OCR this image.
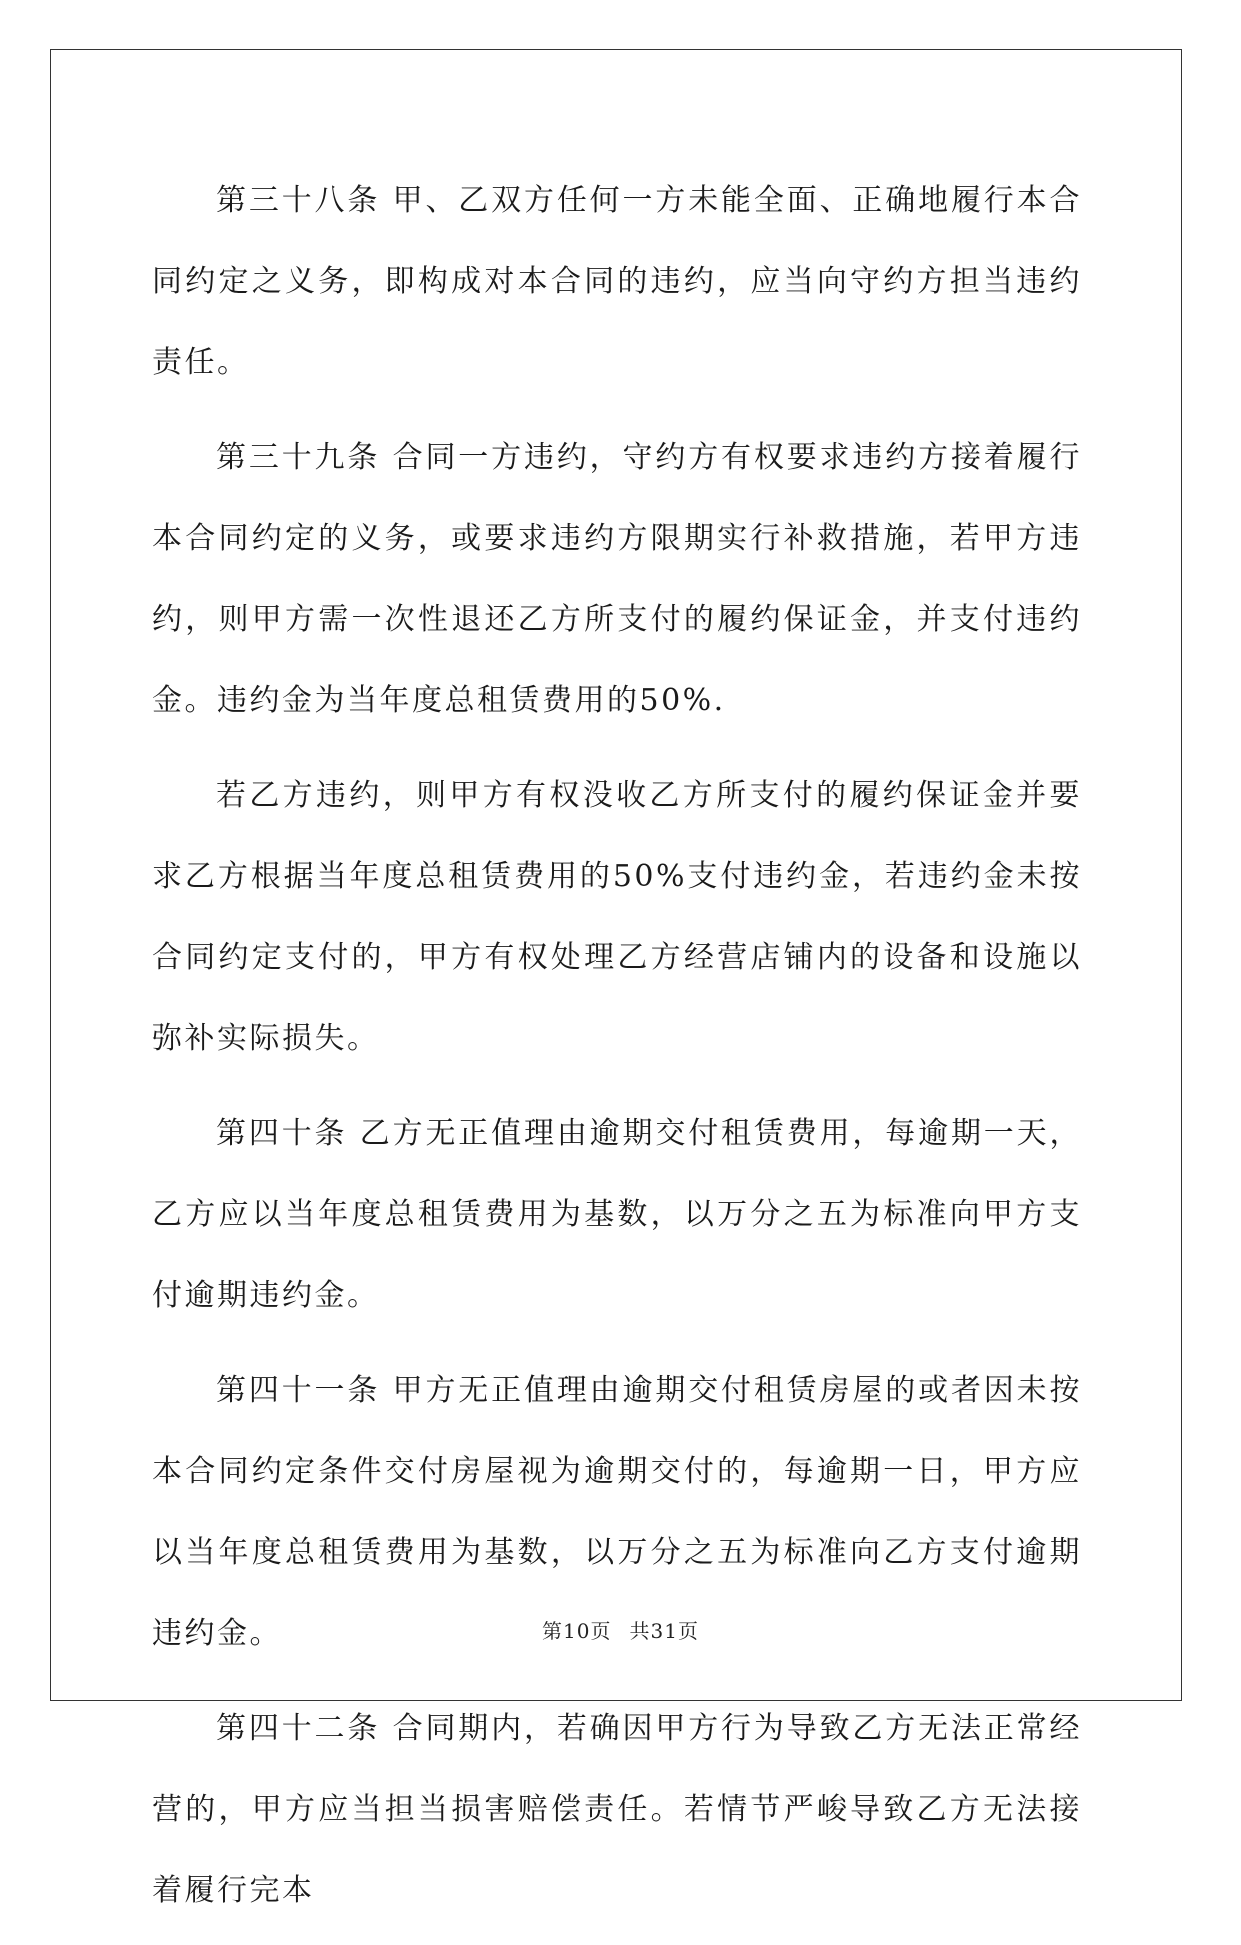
第三十八条 甲、乙双方任何一方未能全面、正确地履行本合同约定之义务，即构成对本合同的违约，应当向守约方担当违约责任。

第三十九条 合同一方违约，守约方有权要求违约方接着履行本合同约定的义务，或要求违约方限期实行补救措施，若甲方违约，则甲方需一次性退还乙方所支付的履约保证金，并支付违约金。违约金为当年度总租赁费用的50%.

若乙方违约，则甲方有权没收乙方所支付的履约保证金并要求乙方根据当年度总租赁费用的50%支付违约金，若违约金未按合同约定支付的，甲方有权处理乙方经营店铺内的设备和设施以弥补实际损失。

第四十条 乙方无正值理由逾期交付租赁费用，每逾期一天，乙方应以当年度总租赁费用为基数，以万分之五为标准向甲方支付逾期违约金。

第四十一条 甲方无正值理由逾期交付租赁房屋的或者因未按本合同约定条件交付房屋视为逾期交付的，每逾期一日，甲方应以当年度总租赁费用为基数，以万分之五为标准向乙方支付逾期违约金。

第四十二条 合同期内，若确因甲方行为导致乙方无法正常经营的，甲方应当担当损害赔偿责任。若情节严峻导致乙方无法接着履行完本

第10页 共31页
